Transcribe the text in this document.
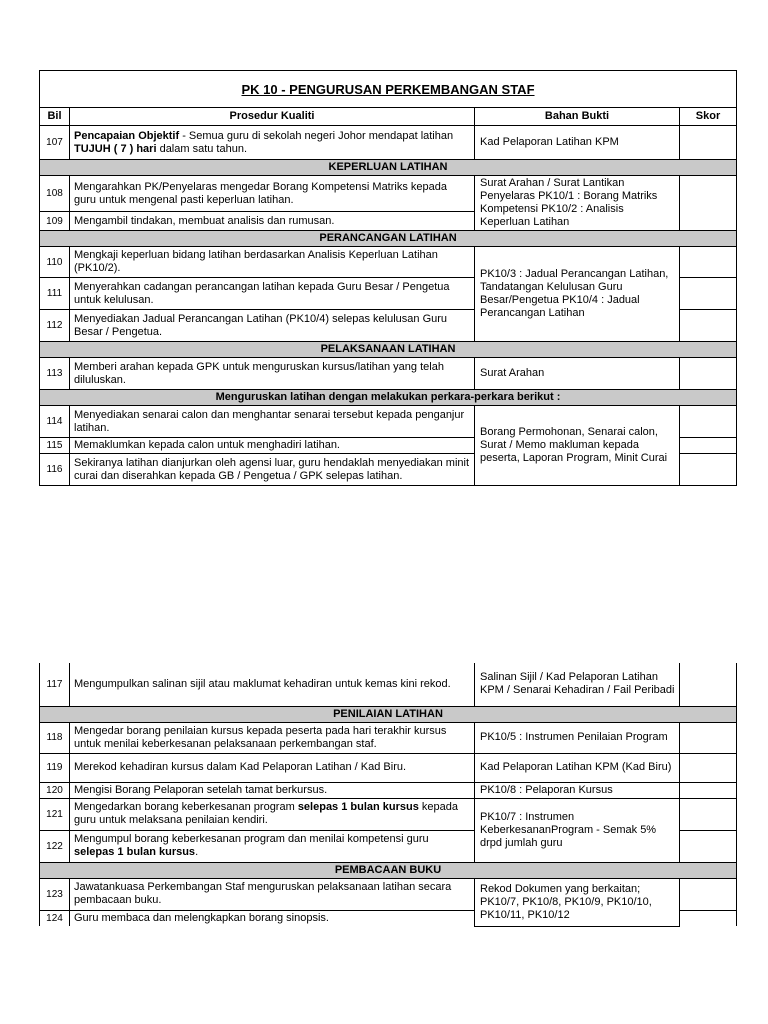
PK 10 - PENGURUSAN PERKEMBANGAN STAF			
Bil	Prosedur Kualiti	Bahan Bukti	Skor
107	Pencapaian Objektif - Semua guru di sekolah negeri Johor mendapat latihan TUJUH ( 7 ) hari dalam satu tahun.	Kad Pelaporan Latihan KPM	
KEPERLUAN LATIHAN			
108	Mengarahkan PK/Penyelaras mengedar Borang Kompetensi Matriks kepada guru untuk mengenal pasti keperluan latihan.	Surat Arahan / Surat Lantikan Penyelaras PK10/1 : Borang Matriks Kompetensi PK10/2 : Analisis Keperluan Latihan	
109	Mengambil tindakan, membuat analisis dan rumusan.		
PERANCANGAN LATIHAN			
110	Mengkaji keperluan bidang latihan berdasarkan Analisis Keperluan Latihan (PK10/2).	PK10/3 : Jadual Perancangan Latihan, Tandatangan Kelulusan Guru Besar/Pengetua PK10/4 : Jadual Perancangan Latihan	
111	Menyerahkan cadangan perancangan latihan kepada Guru Besar / Pengetua untuk kelulusan.		
112	Menyediakan Jadual Perancangan Latihan (PK10/4) selepas kelulusan Guru Besar / Pengetua.		
PELAKSANAAN LATIHAN			
113	Memberi arahan kepada GPK untuk menguruskan kursus/latihan yang telah diluluskan.	Surat Arahan	
Menguruskan latihan dengan melakukan perkara-perkara berikut :			
114	Menyediakan senarai calon dan menghantar senarai tersebut kepada penganjur latihan.	Borang Permohonan, Senarai calon, Surat / Memo makluman kepada peserta, Laporan Program, Minit Curai	
115	Memaklumkan kepada calon untuk menghadiri latihan.		
116	Sekiranya latihan dianjurkan oleh agensi luar, guru hendaklah menyediakan minit curai dan diserahkan kepada GB / Pengetua / GPK selepas latihan.		
117	Mengumpulkan salinan sijil atau maklumat kehadiran untuk kemas kini rekod.	Salinan Sijil / Kad Pelaporan Latihan KPM / Senarai Kehadiran / Fail Peribadi	
PENILAIAN LATIHAN			
118	Mengedar borang penilaian kursus kepada peserta pada hari terakhir kursus untuk menilai keberkesanan pelaksanaan perkembangan staf.	PK10/5 : Instrumen Penilaian Program	
119	Merekod kehadiran kursus dalam Kad Pelaporan Latihan / Kad Biru.	Kad Pelaporan Latihan KPM (Kad Biru)	
120	Mengisi Borang Pelaporan setelah tamat berkursus.	PK10/8 : Pelaporan Kursus	
121	Mengedarkan borang keberkesanan program selepas 1 bulan kursus kepada guru untuk melaksana penilaian kendiri.	PK10/7 : Instrumen KeberkesananProgram - Semak 5% drpd jumlah guru	
122	Mengumpul borang keberkesanan program dan menilai kompetensi guru selepas 1 bulan kursus.		
PEMBACAAN BUKU			
123	Jawatankuasa Perkembangan Staf menguruskan pelaksanaan latihan secara pembacaan buku.	Rekod Dokumen yang berkaitan; PK10/7, PK10/8, PK10/9, PK10/10, PK10/11, PK10/12	
124	Guru membaca dan melengkapkan borang sinopsis.		
